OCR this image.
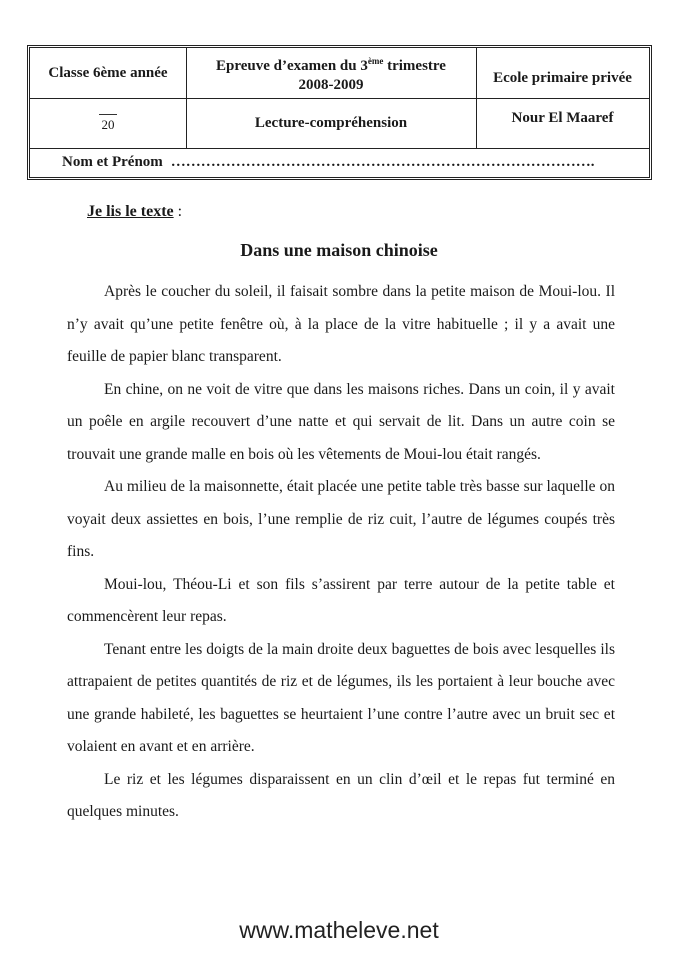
Classe 6ème année
20
Epreuve d’examen du 3ème trimestre
2008-2009
Lecture-compréhension
Ecole primaire privée
Nour El Maaref
Nom et Prénom ………………………………………………………………………….
Je lis le texte :
Dans une maison chinoise

Après le coucher du soleil, il faisait sombre dans la petite maison de Moui-lou. Il n’y avait qu’une petite fenêtre où, à la place de la vitre habituelle ; il y a avait une feuille de papier blanc transparent.

En chine, on ne voit de vitre que dans les maisons riches. Dans un coin, il y avait un poêle en argile recouvert d’une natte et qui servait de lit. Dans un autre coin se trouvait une grande malle en bois où les vêtements de Moui-lou était rangés.

Au milieu de la maisonnette, était placée une petite table très basse sur laquelle on voyait deux assiettes en bois, l’une remplie de riz cuit, l’autre de légumes coupés très fins.

Moui-lou, Théou-Li et son fils s’assirent par terre autour de la petite table et commencèrent leur repas.

Tenant entre les doigts de la main droite deux baguettes de bois avec lesquelles ils attrapaient de petites quantités de riz et de légumes, ils les portaient à leur bouche avec une grande habileté, les baguettes se heurtaient l’une contre l’autre avec un bruit sec et volaient en avant et en arrière.

Le riz et les légumes disparaissent en un clin d’œil et le repas fut terminé en quelques minutes.

www.matheleve.net
